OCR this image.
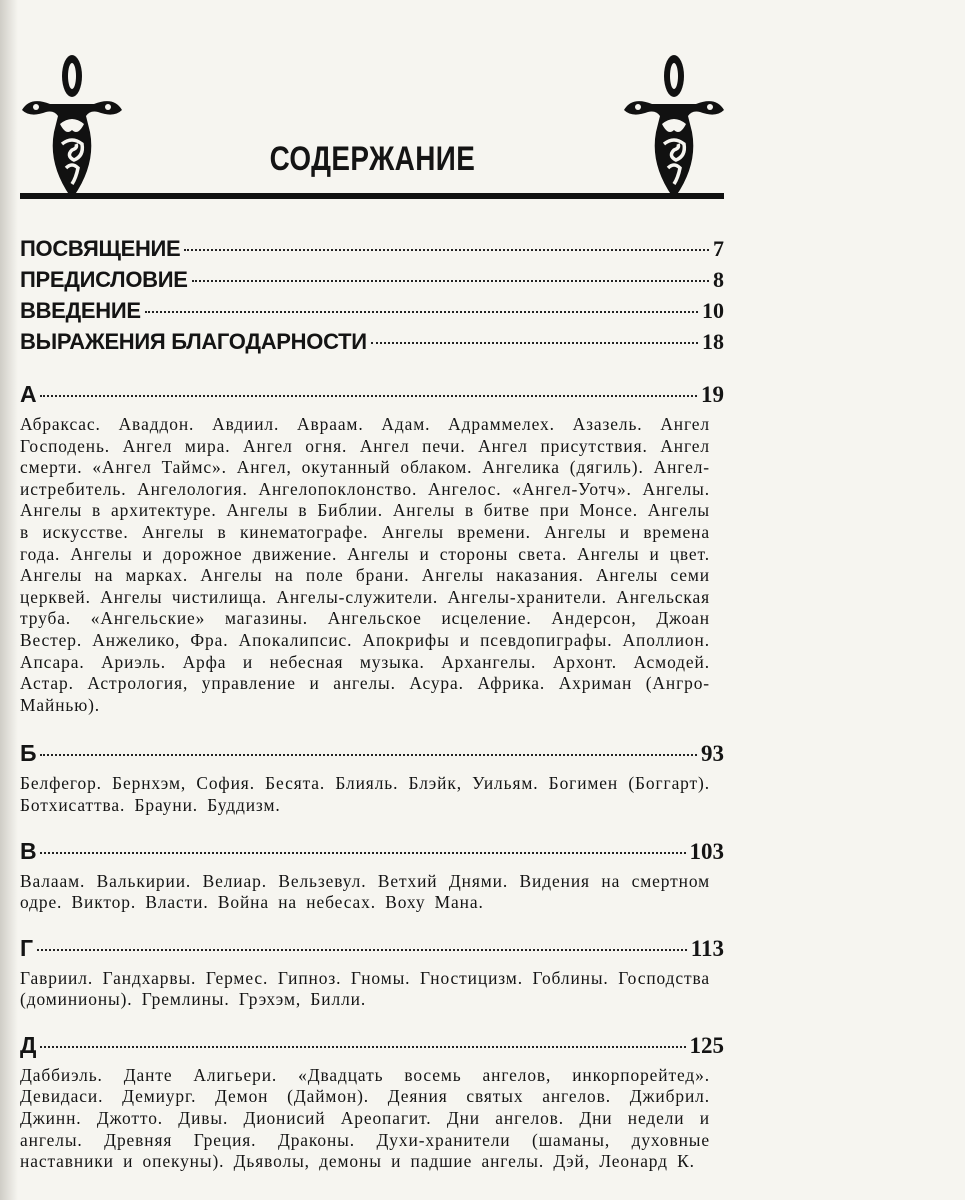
СОДЕРЖАНИЕ
ПОСВЯЩЕНИЕ	7
ПРЕДИСЛОВИЕ	8
ВВЕДЕНИЕ	10
ВЫРАЖЕНИЯ БЛАГОДАРНОСТИ	18
А	19

Абраксас. Авaддон. Авдиил. Авраам. Адам. Адраммелех. Азазель. Ангел Господень. Ангел мира. Ангел огня. Ангел печи. Ангел присутствия. Ангел смерти. «Ангел Таймс». Ангел, окутанный облаком. Ангелика (дягиль). Ангел-истребитель. Ангелология. Ангелопоклонство. Ангелос. «Ангел-Уотч». Ангелы. Ангелы в архитектуре. Ангелы в Библии. Ангелы в битве при Монсе. Ангелы в искусстве. Ангелы в кинематографе. Ангелы времени. Ангелы и времена года. Ангелы и дорожное движение. Ангелы и стороны света. Ангелы и цвет. Ангелы на марках. Ангелы на поле брани. Ангелы наказания. Ангелы семи церквей. Ангелы чистилища. Ангелы-служители. Ангелы-хранители. Ангельская труба. «Ангельские» магазины. Ангельское исцеление. Андерсон, Джоан Вестер. Анжелико, Фра. Апокалипсис. Апокрифы и псевдопиграфы. Аполлион. Апсара. Ариэль. Арфа и небесная музыка. Архангелы. Архонт. Асмодей. Астар. Астрология, управление и ангелы. Асура. Африка. Ахриман (Ангро-Майнью).

Б	93

Белфегор. Бернхэм, София. Бесята. Блияль. Блэйк, Уильям. Богимен (Боггарт). Ботхисаттва. Брауни. Буддизм.

В	103

Валаам. Валькирии. Велиар. Вельзевул. Ветхий Днями. Видения на смертном одре. Виктор. Власти. Война на небесах. Воху Мана.

Г	113

Гавриил. Гандхарвы. Гермес. Гипноз. Гномы. Гностицизм. Гоблины. Господства (доминионы). Гремлины. Грэхэм, Билли.

Д	125

Даббиэль. Данте Алигьери. «Двадцать восемь ангелов, инкорпорейтед». Девидаси. Демиург. Демон (Даймон). Деяния святых ангелов. Джибрил. Джинн. Джотто. Дивы. Дионисий Ареопагит. Дни ангелов. Дни недели и ангелы. Древняя Греция. Драконы. Духи-хранители (шаманы, духовные наставники и опекуны). Дьяволы, демоны и падшие ангелы. Дэй, Леонард К.
